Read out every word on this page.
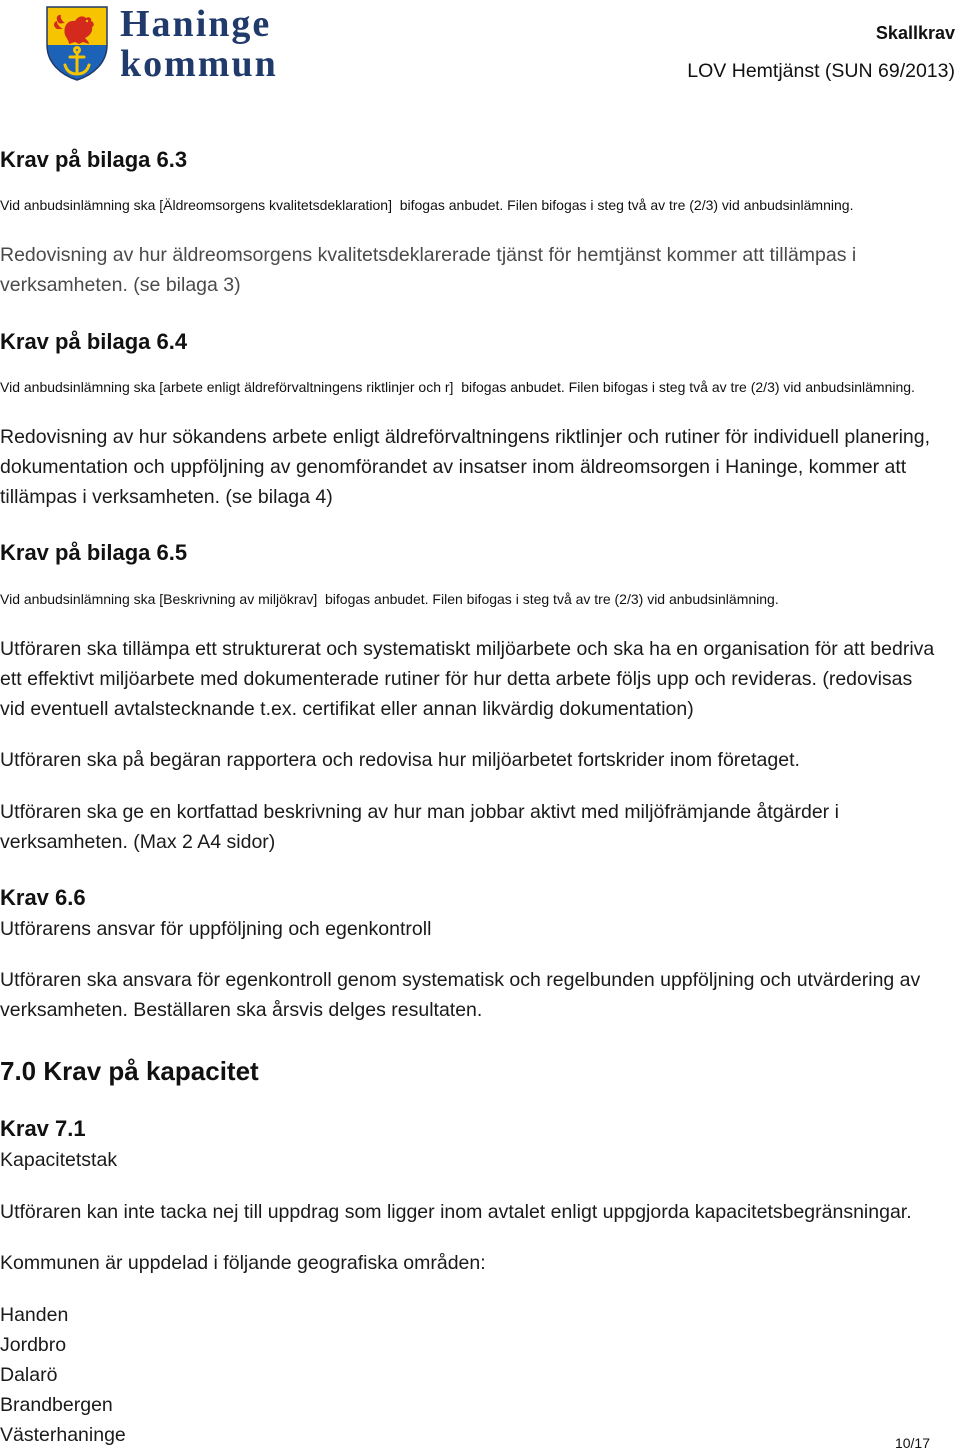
Haninge
kommun
Skallkrav
LOV Hemtjänst (SUN 69/2013)
Krav på bilaga 6.3
Vid anbudsinlämning ska [Äldreomsorgens kvalitetsdeklaration]  bifogas anbudet. Filen bifogas i steg två av tre (2/3) vid anbudsinlämning.
Redovisning av hur äldreomsorgens kvalitetsdeklarerade tjänst för hemtjänst kommer att tillämpas i
verksamheten. (se bilaga 3)
Krav på bilaga 6.4
Vid anbudsinlämning ska [arbete enligt äldreförvaltningens riktlinjer och r]  bifogas anbudet. Filen bifogas i steg två av tre (2/3) vid anbudsinlämning.
Redovisning av hur sökandens arbete enligt äldreförvaltningens riktlinjer och rutiner för individuell planering,
dokumentation och uppföljning av genomförandet av insatser inom äldreomsorgen i Haninge, kommer att
tillämpas i verksamheten. (se bilaga 4)
Krav på bilaga 6.5
Vid anbudsinlämning ska [Beskrivning av miljökrav]  bifogas anbudet. Filen bifogas i steg två av tre (2/3) vid anbudsinlämning.
Utföraren ska tillämpa ett strukturerat och systematiskt miljöarbete och ska ha en organisation för att bedriva
ett effektivt miljöarbete med dokumenterade rutiner för hur detta arbete följs upp och revideras. (redovisas
vid eventuell avtalstecknande t.ex. certifikat eller annan likvärdig dokumentation)
Utföraren ska på begäran rapportera och redovisa hur miljöarbetet fortskrider inom företaget.
Utföraren ska ge en kortfattad beskrivning av hur man jobbar aktivt med miljöfrämjande åtgärder i
verksamheten. (Max 2 A4 sidor)
Krav 6.6
Utförarens ansvar för uppföljning och egenkontroll
Utföraren ska ansvara för egenkontroll genom systematisk och regelbunden uppföljning och utvärdering av
verksamheten. Beställaren ska årsvis delges resultaten.
7.0 Krav på kapacitet
Krav 7.1
Kapacitetstak
Utföraren kan inte tacka nej till uppdrag som ligger inom avtalet enligt uppgjorda kapacitetsbegränsningar.
Kommunen är uppdelad i följande geografiska områden:
Handen
Jordbro
Dalarö
Brandbergen
Västerhaninge	10/17
